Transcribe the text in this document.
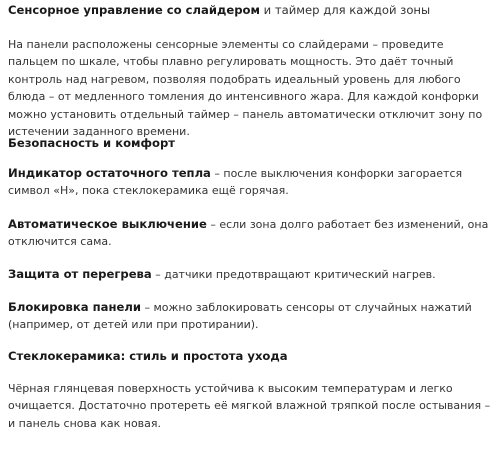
Сенсорное управление со слайдером и таймер для каждой зоны

На панели расположены сенсорные элементы со слайдерами – проведите пальцем по шкале, чтобы плавно регулировать мощность. Это даёт точный контроль над нагревом, позволяя подобрать идеальный уровень для любого блюда – от медленного томления до интенсивного жара. Для каждой конфорки можно установить отдельный таймер – панель автоматически отключит зону по истечении заданного времени.

Безопасность и комфорт

Индикатор остаточного тепла – после выключения конфорки загорается символ «H», пока стеклокерамика ещё горячая.

Автоматическое выключение – если зона долго работает без изменений, она отключится сама.

Защита от перегрева – датчики предотвращают критический нагрев.

Блокировка панели – можно заблокировать сенсоры от случайных нажатий (например, от детей или при протирании).

Стеклокерамика: стиль и простота ухода

Чёрная глянцевая поверхность устойчива к высоким температурам и легко очищается. Достаточно протереть её мягкой влажной тряпкой после остывания – и панель снова как новая.
